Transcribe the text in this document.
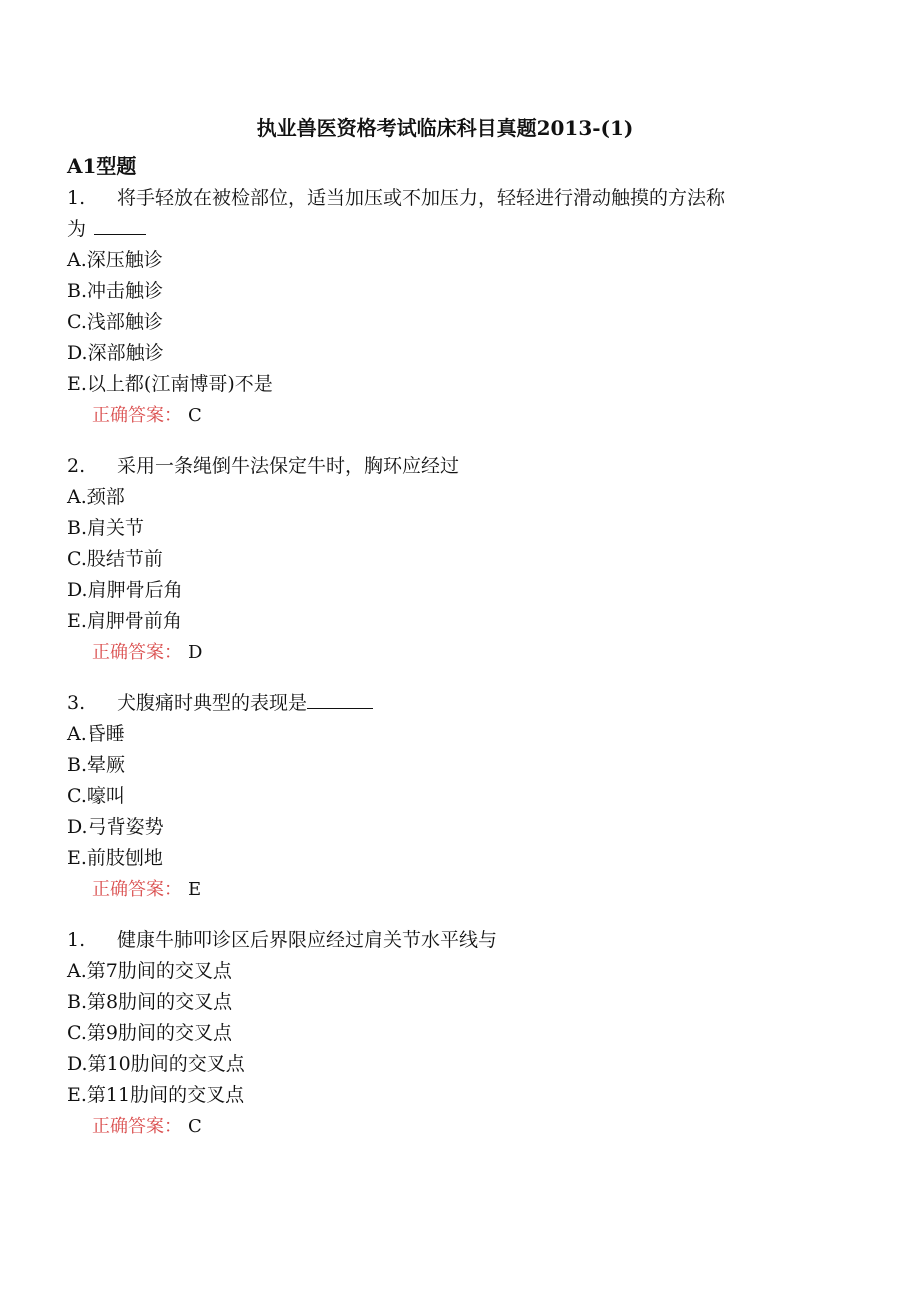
执业兽医资格考试临床科目真题2013-(1)
A1型题
1. 将手轻放在被检部位，适当加压或不加压力，轻轻进行滑动触摸的方法称
为
A.深压触诊
B.冲击触诊
C.浅部触诊
D.深部触诊
E.以上都(江南博哥)不是
正确答案： C
2.	采用一条绳倒牛法保定牛时，胸环应经过
A.颈部
B.肩关节
C.股结节前
D.肩胛骨后角
E.肩胛骨前角
正确答案： D
3.	犬腹痛时典型的表现是
A.昏睡
B.晕厥
C.嚎叫
D.弓背姿势
E.前肢刨地
正确答案： E
1.	健康牛肺叩诊区后界限应经过肩关节水平线与
A.第7肋间的交叉点
B.第8肋间的交叉点
C.第9肋间的交叉点
D.第10肋间的交叉点
E.第11肋间的交叉点
正确答案： C
